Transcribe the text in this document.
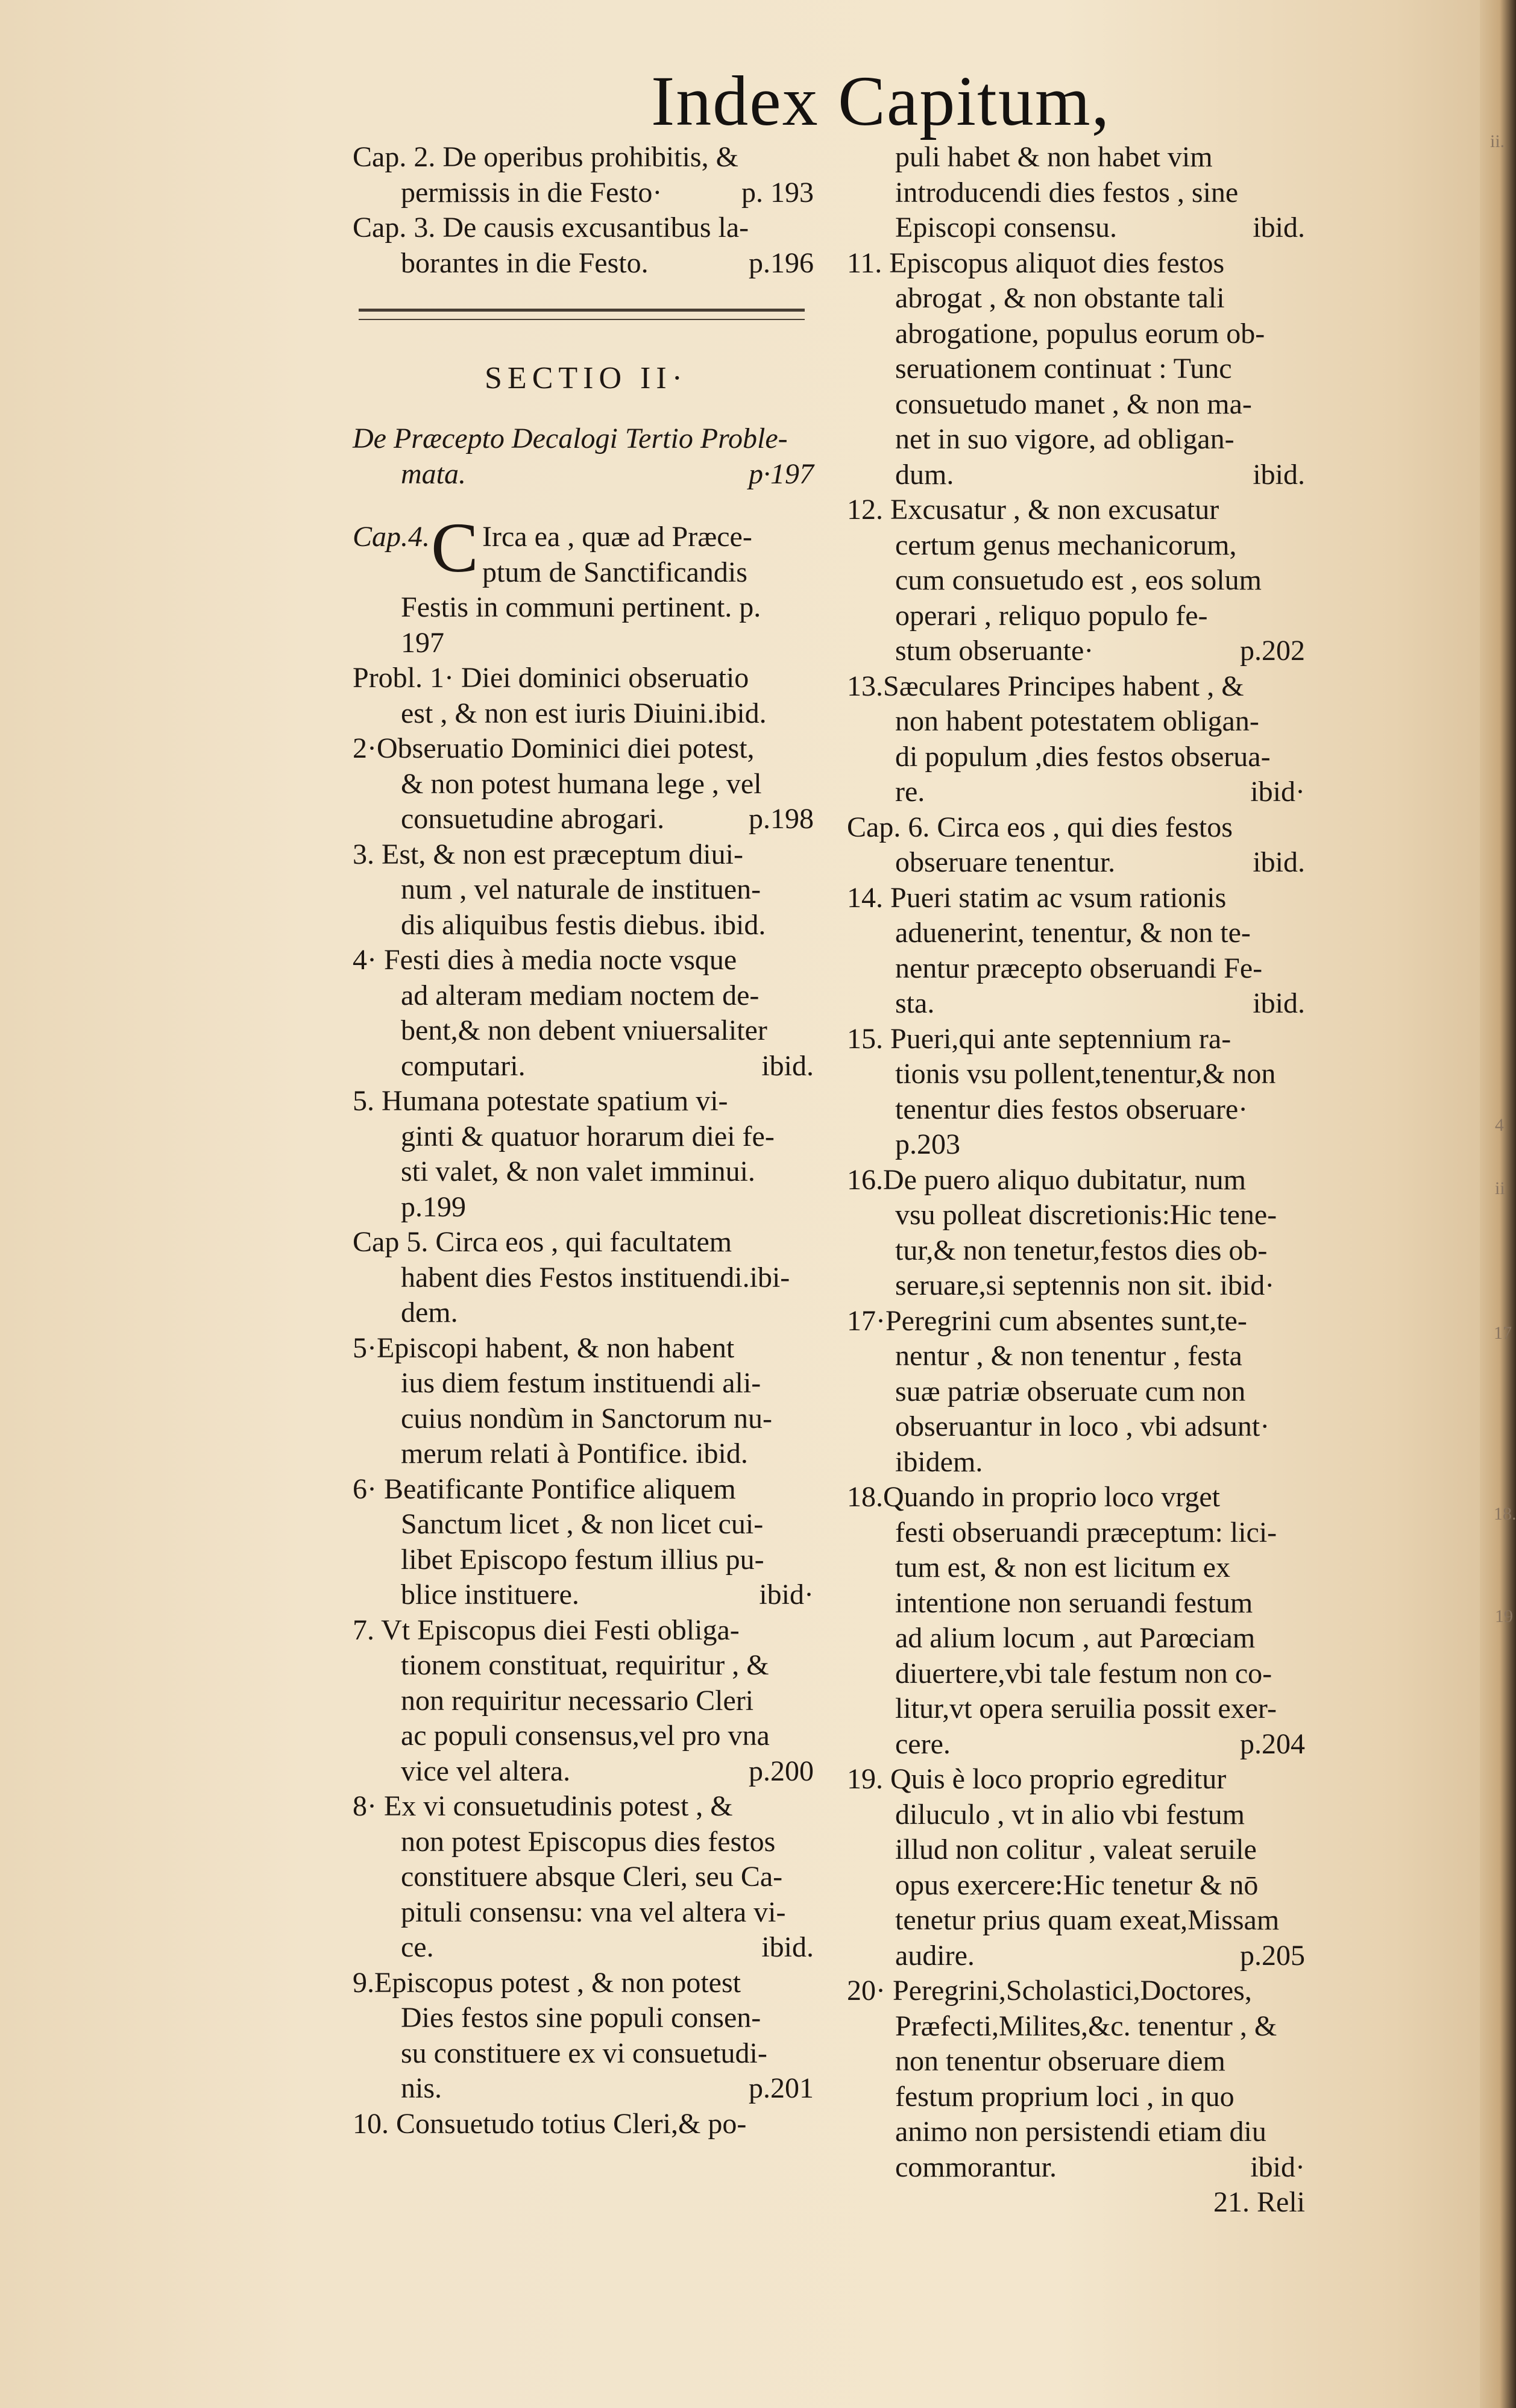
ii.
4
ii
17
18.
19
Index Capitum,
Cap. 2. De operibus prohibitis, &
permissis in die Festo·	p. 193
Cap. 3. De causis excusantibus la-
borantes in die Festo.	p.196
SECTIO II·
De Præcepto Decalogi Tertio Proble-
mata.	p·197
Cap.4. C Irca ea , quæ ad Præce-
ptum de Sanctificandis
Festis in communi pertinent. p.
197
Probl. 1· Diei dominici obseruatio
est , & non est iuris Diuini.ibid.
2·Obseruatio Dominici diei potest,
& non potest humana lege , vel
consuetudine abrogari.	p.198
3. Est, & non est præceptum diui-
num , vel naturale de instituen-
dis aliquibus festis diebus. ibid.
4· Festi dies à media nocte vsque
ad alteram mediam noctem de-
bent,& non debent vniuersaliter
computari.	ibid.
5. Humana potestate spatium vi-
ginti & quatuor horarum diei fe-
sti valet, & non valet imminui.
p.199
Cap 5. Circa eos , qui facultatem
habent dies Festos instituendi.ibi-
dem.
5·Episcopi habent, & non habent
ius diem festum instituendi ali-
cuius nondùm in Sanctorum nu-
merum relati à Pontifice. ibid.
6· Beatificante Pontifice aliquem
Sanctum licet , & non licet cui-
libet Episcopo festum illius pu-
blice instituere.	ibid·
7. Vt Episcopus diei Festi obliga-
tionem constituat, requiritur , &
non requiritur necessario Cleri
ac populi consensus,vel pro vna
vice vel altera.	p.200
8· Ex vi consuetudinis potest , &
non potest Episcopus dies festos
constituere absque Cleri, seu Ca-
pituli consensu: vna vel altera vi-
ce.	ibid.
9.Episcopus potest , & non potest
Dies festos sine populi consen-
su constituere ex vi consuetudi-
nis.	p.201
10. Consuetudo totius Cleri,& po-
puli habet & non habet vim
introducendi dies festos , sine
Episcopi consensu.	ibid.
11. Episcopus aliquot dies festos
abrogat , & non obstante tali
abrogatione, populus eorum ob-
seruationem continuat : Tunc
consuetudo manet , & non ma-
net in suo vigore, ad obligan-
dum.	ibid.
12. Excusatur , & non excusatur
certum genus mechanicorum,
cum consuetudo est , eos solum
operari , reliquo populo fe-
stum obseruante·	p.202
13.Sæculares Principes habent , &
non habent potestatem obligan-
di populum ,dies festos obserua-
re.	ibid·
Cap. 6. Circa eos , qui dies festos
obseruare tenentur.	ibid.
14. Pueri statim ac vsum rationis
aduenerint, tenentur, & non te-
nentur præcepto obseruandi Fe-
sta.	ibid.
15. Pueri,qui ante septennium ra-
tionis vsu pollent,tenentur,& non
tenentur dies festos obseruare·
p.203
16.De puero aliquo dubitatur, num
vsu polleat discretionis:Hic tene-
tur,& non tenetur,festos dies ob-
seruare,si septennis non sit. ibid·
17·Peregrini cum absentes sunt,te-
nentur , & non tenentur , festa
suæ patriæ obseruate cum non
obseruantur in loco , vbi adsunt·
ibidem.
18.Quando in proprio loco vrget
festi obseruandi præceptum: lici-
tum est, & non est licitum ex
intentione non seruandi festum
ad alium locum , aut Parœciam
diuertere,vbi tale festum non co-
litur,vt opera seruilia possit exer-
cere.	p.204
19. Quis è loco proprio egreditur
diluculo , vt in alio vbi festum
illud non colitur , valeat seruile
opus exercere:Hic tenetur & nō
tenetur prius quam exeat,Missam
audire.	p.205
20· Peregrini,Scholastici,Doctores,
Præfecti,Milites,&c. tenentur , &
non tenentur obseruare diem
festum proprium loci , in quo
animo non persistendi etiam diu
commorantur.	ibid·
21. Reli
